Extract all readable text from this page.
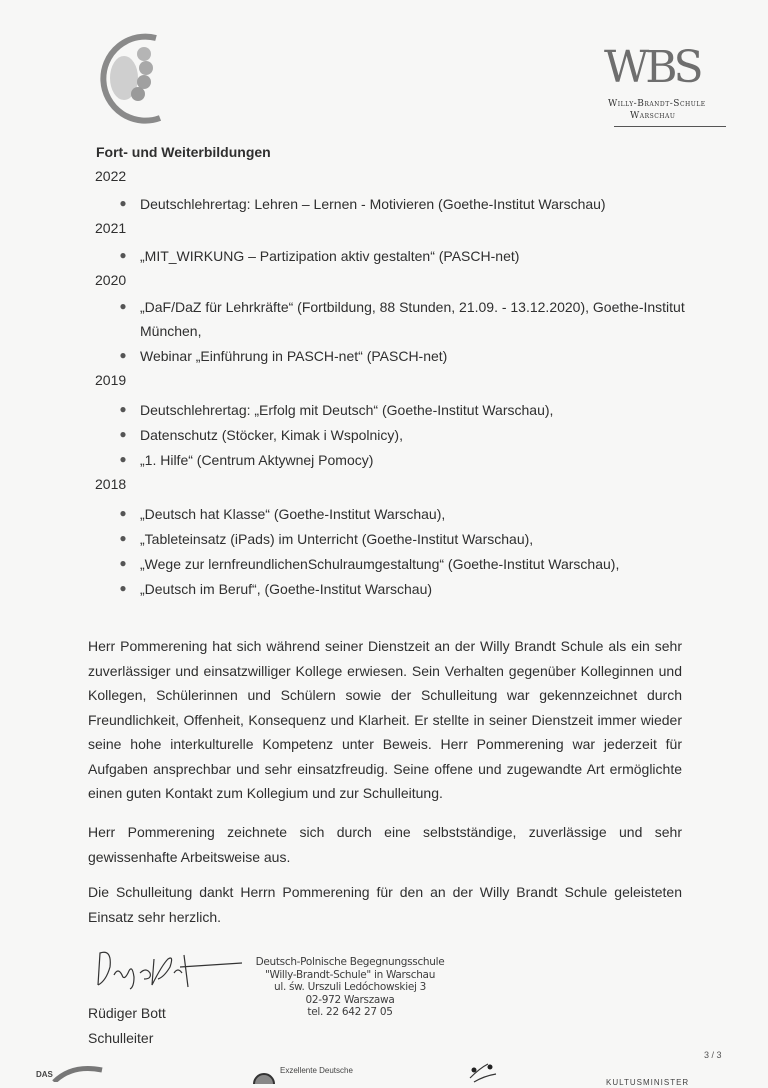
WBS
Willy-Brandt-Schule
Warschau
Fort- und Weiterbildungen
2022
● Deutschlehrertag: Lehren – Lernen - Motivieren (Goethe-Institut Warschau)
2021
● „MIT_WIRKUNG – Partizipation aktiv gestalten“ (PASCH-net)
2020
● „DaF/DaZ für Lehrkräfte“ (Fortbildung, 88 Stunden, 21.09. - 13.12.2020), Goethe-Institut
München,
● Webinar „Einführung in PASCH-net“ (PASCH-net)
2019
● Deutschlehrertag: „Erfolg mit Deutsch“ (Goethe-Institut Warschau),
● Datenschutz (Stöcker, Kimak i Wspolnicy),
● „1. Hilfe“ (Centrum Aktywnej Pomocy)
2018
● „Deutsch hat Klasse“ (Goethe-Institut Warschau),
● „Tableteinsatz (iPads) im Unterricht (Goethe-Institut Warschau),
● „Wege zur lernfreundlichenSchulraumgestaltung“ (Goethe-Institut Warschau),
● „Deutsch im Beruf“, (Goethe-Institut Warschau)
Herr Pommerening hat sich während seiner Dienstzeit an der Willy Brandt Schule als ein sehr zuverlässiger und einsatzwilliger Kollege erwiesen. Sein Verhalten gegenüber Kolleginnen und Kollegen, Schülerinnen und Schülern sowie der Schulleitung war gekennzeichnet durch Freundlichkeit, Offenheit, Konsequenz und Klarheit. Er stellte in seiner Dienstzeit immer wieder seine hohe interkulturelle Kompetenz unter Beweis. Herr Pommerening war jederzeit für Aufgaben ansprechbar und sehr einsatzfreudig. Seine offene und zugewandte Art ermöglichte einen guten Kontakt zum Kollegium und zur Schulleitung.
Herr Pommerening zeichnete sich durch eine selbstständige, zuverlässige und sehr gewissenhafte Arbeitsweise aus.
Die Schulleitung dankt Herrn Pommerening für den an der Willy Brandt Schule geleisteten Einsatz sehr herzlich.
Rüdiger Bott
Schulleiter
Deutsch-Polnische Begegnungsschule
"Willy-Brandt-Schule" in Warschau
ul. św. Urszuli Ledóchowskiej 3
02-972 Warszawa
tel. 22 642 27 05
3 / 3
DAS	Exzellente Deutsche
KULTUSMINISTER
